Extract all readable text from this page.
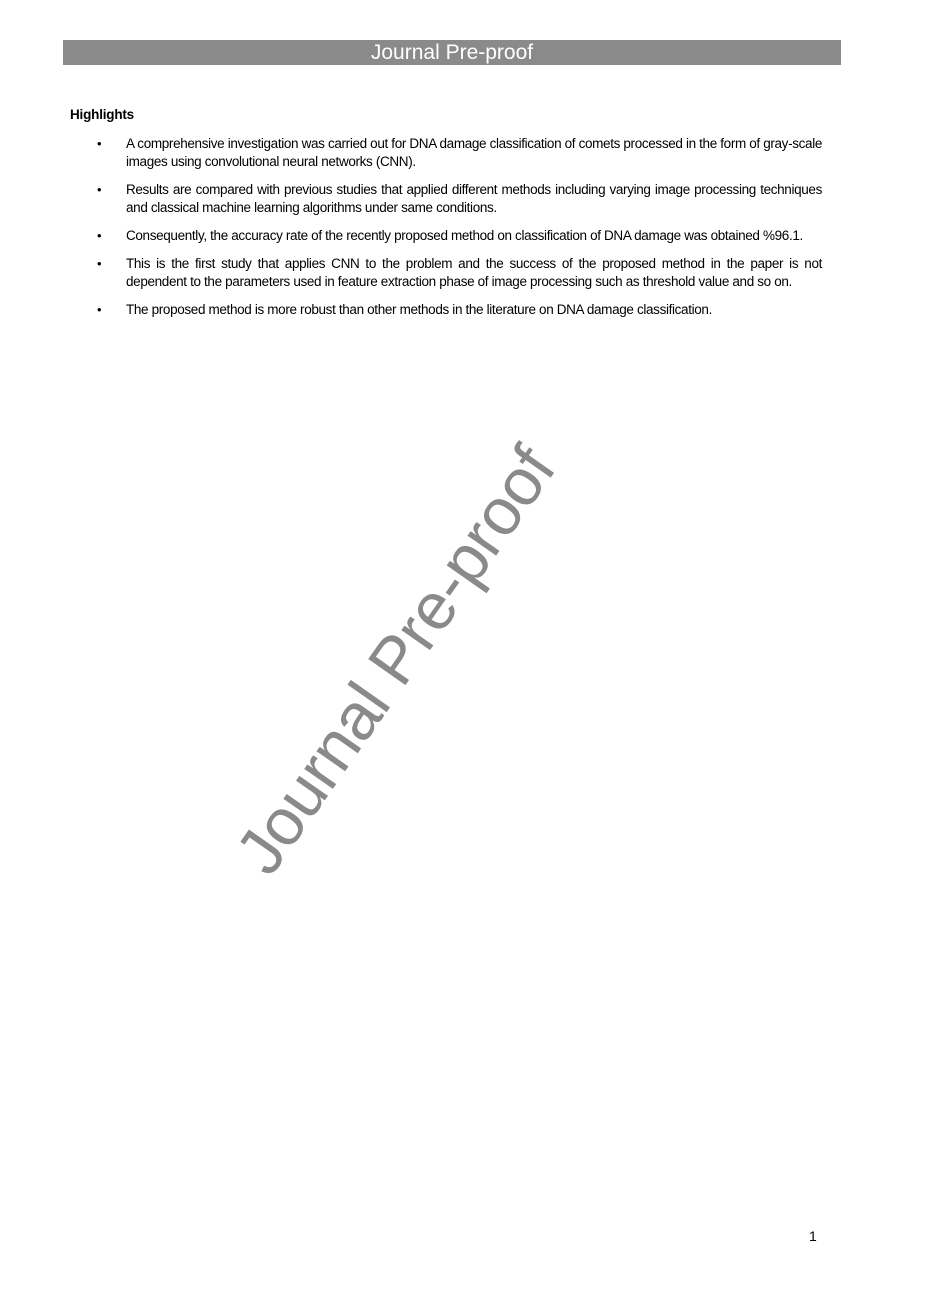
Journal Pre-proof
Highlights
• A comprehensive investigation was carried out for DNA damage classification of comets processed in the form of gray-scale images using convolutional neural networks (CNN).
• Results are compared with previous studies that applied different methods including varying image processing techniques and classical machine learning algorithms under same conditions.
• Consequently, the accuracy rate of the recently proposed method on classification of DNA damage was obtained %96.1.
• This is the first study that applies CNN to the problem and the success of the proposed method in the paper is not dependent to the parameters used in feature extraction phase of image processing such as threshold value and so on.
• The proposed method is more robust than other methods in the literature on DNA damage classification.
Journal Pre-proof
1
